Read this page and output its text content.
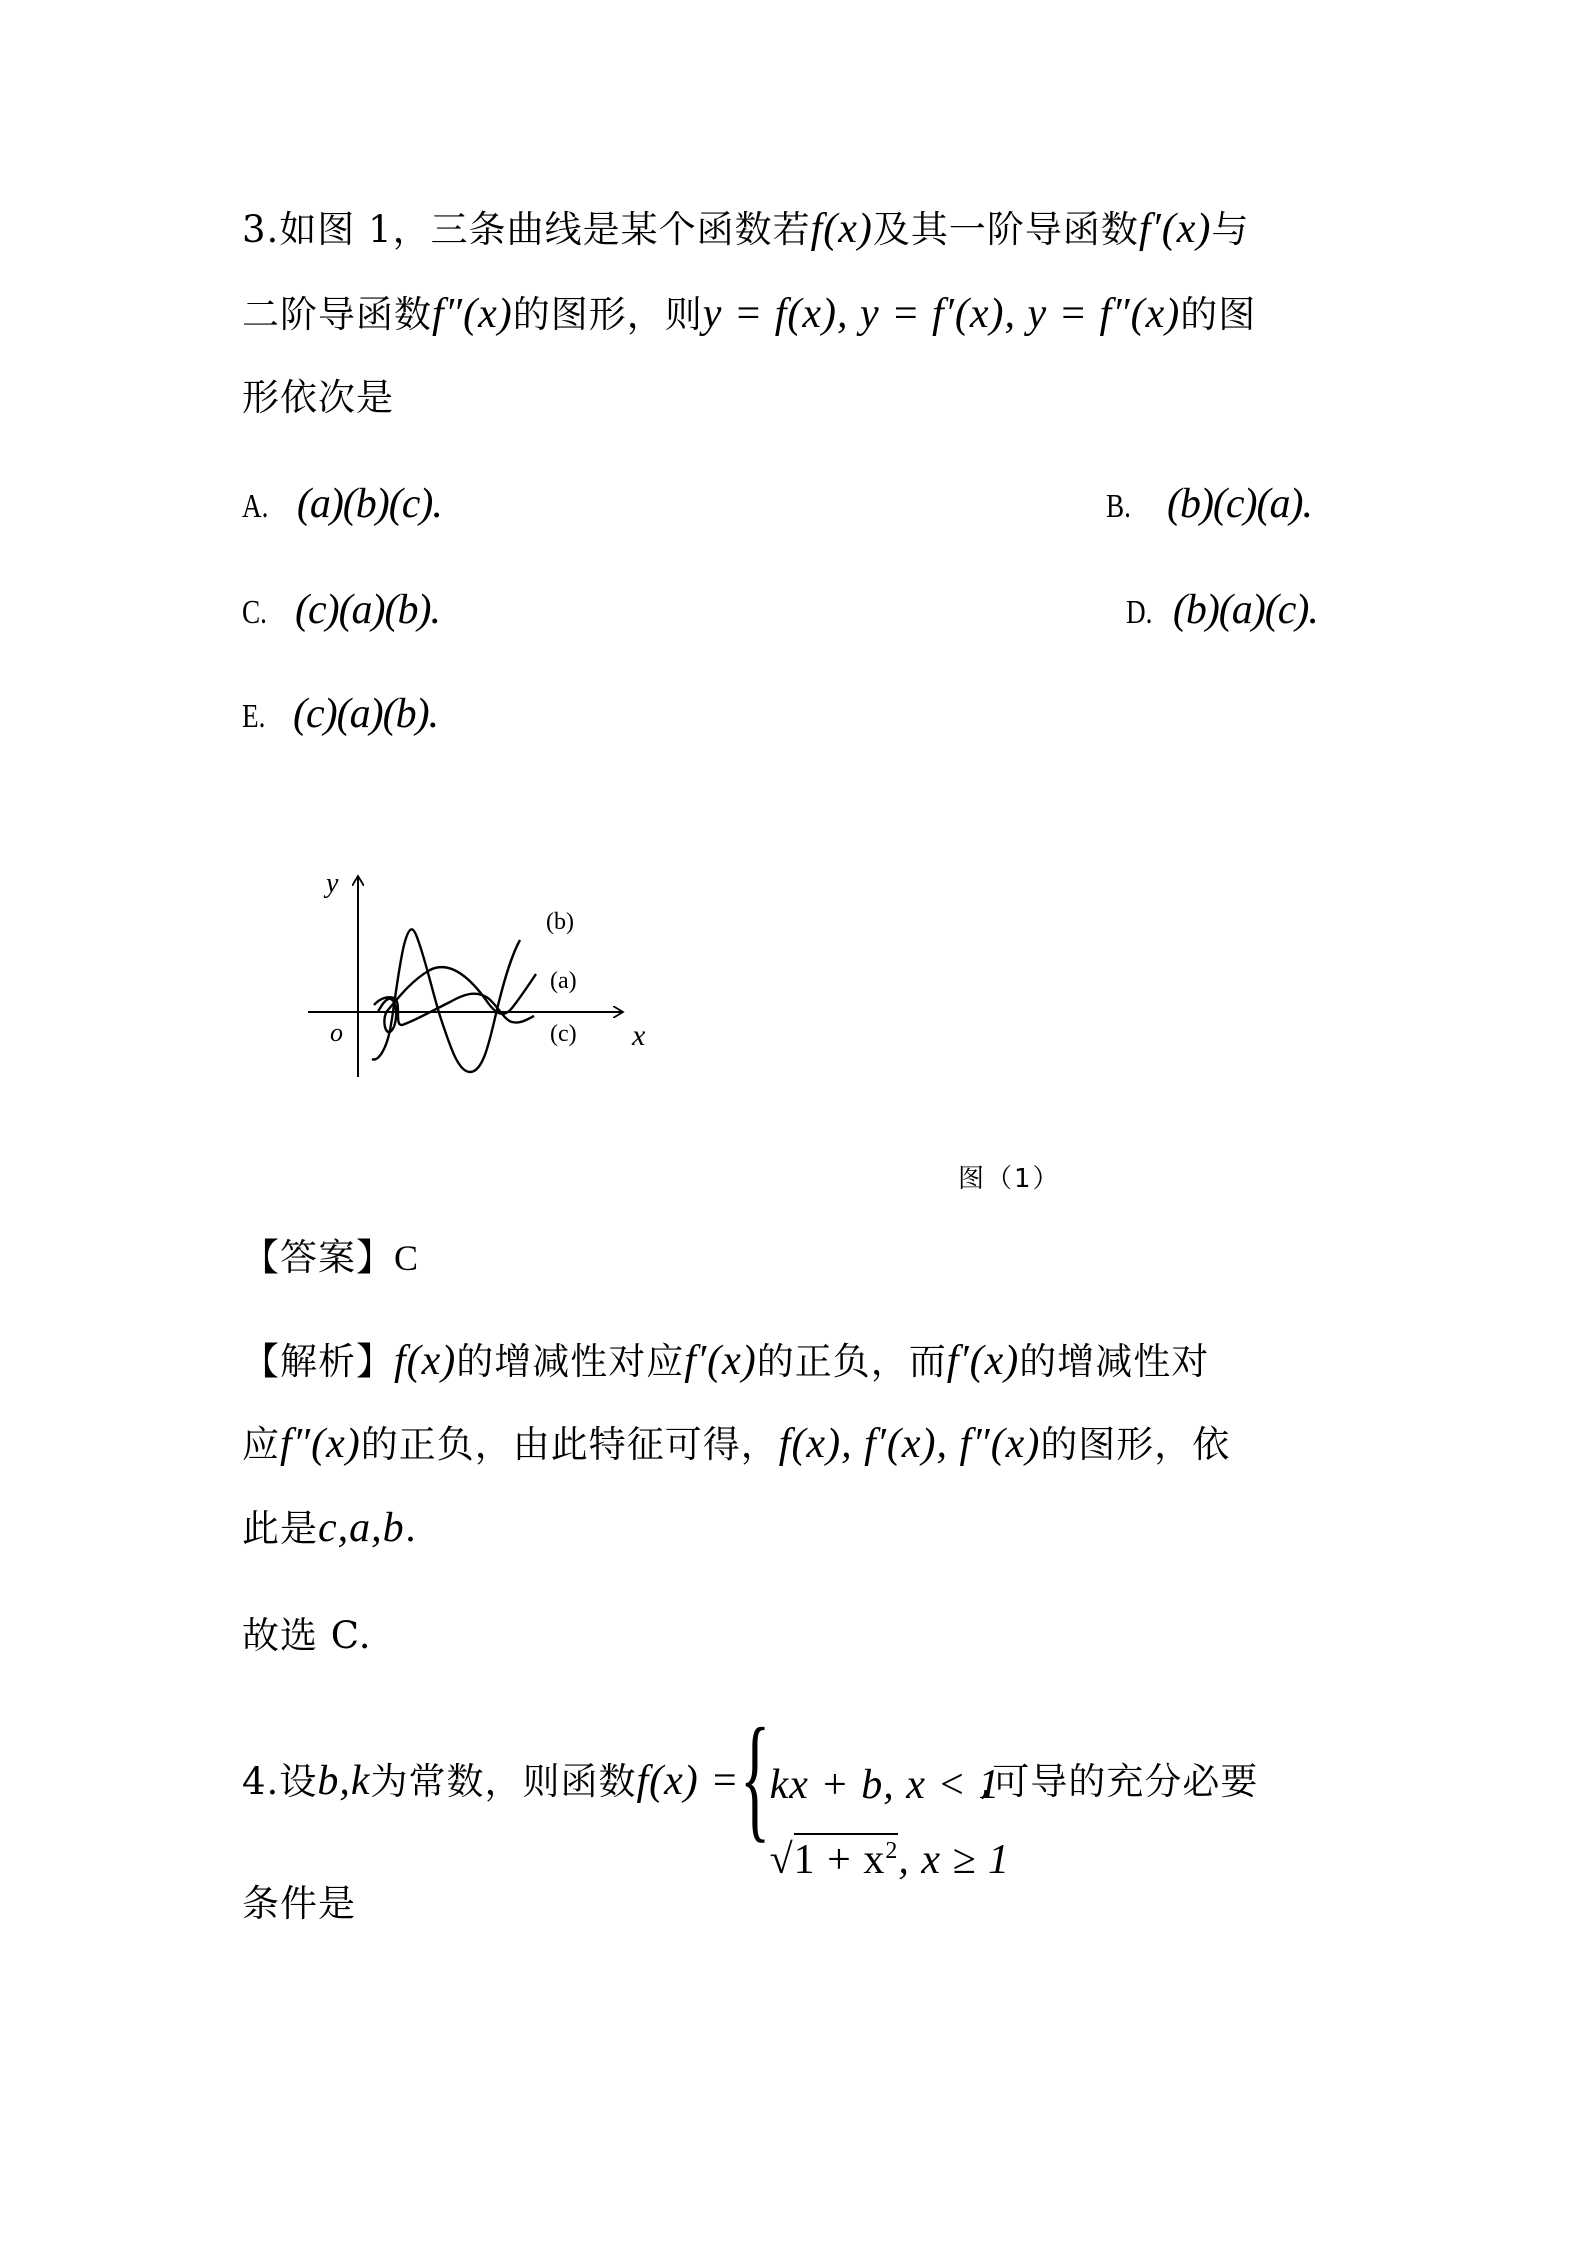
3.如图 1，三条曲线是某个函数若f(x)及其一阶导函数f′(x)与
二阶导函数f″(x)的图形，则y = f(x), y = f′(x), y = f″(x)的图
形依次是
A. (a)(b)(c).	B. (b)(c)(a).
C. (c)(a)(b).	D. (b)(a)(c).
E. (c)(a)(b).
y
x
o
(b)
(a)
(c)
图（1）
【答案】C
【解析】f(x)的增减性对应f′(x)的正负，而f′(x)的增减性对
应f″(x)的正负，由此特征可得，f(x), f′(x), f″(x)的图形，依
此是c,a,b.
故选 C.
4.设b,k为常数，则函数f(x) = { kx + b, x < 1
$√1 + x^2$, x ≥ 1
,可导的充分必要
条件是
